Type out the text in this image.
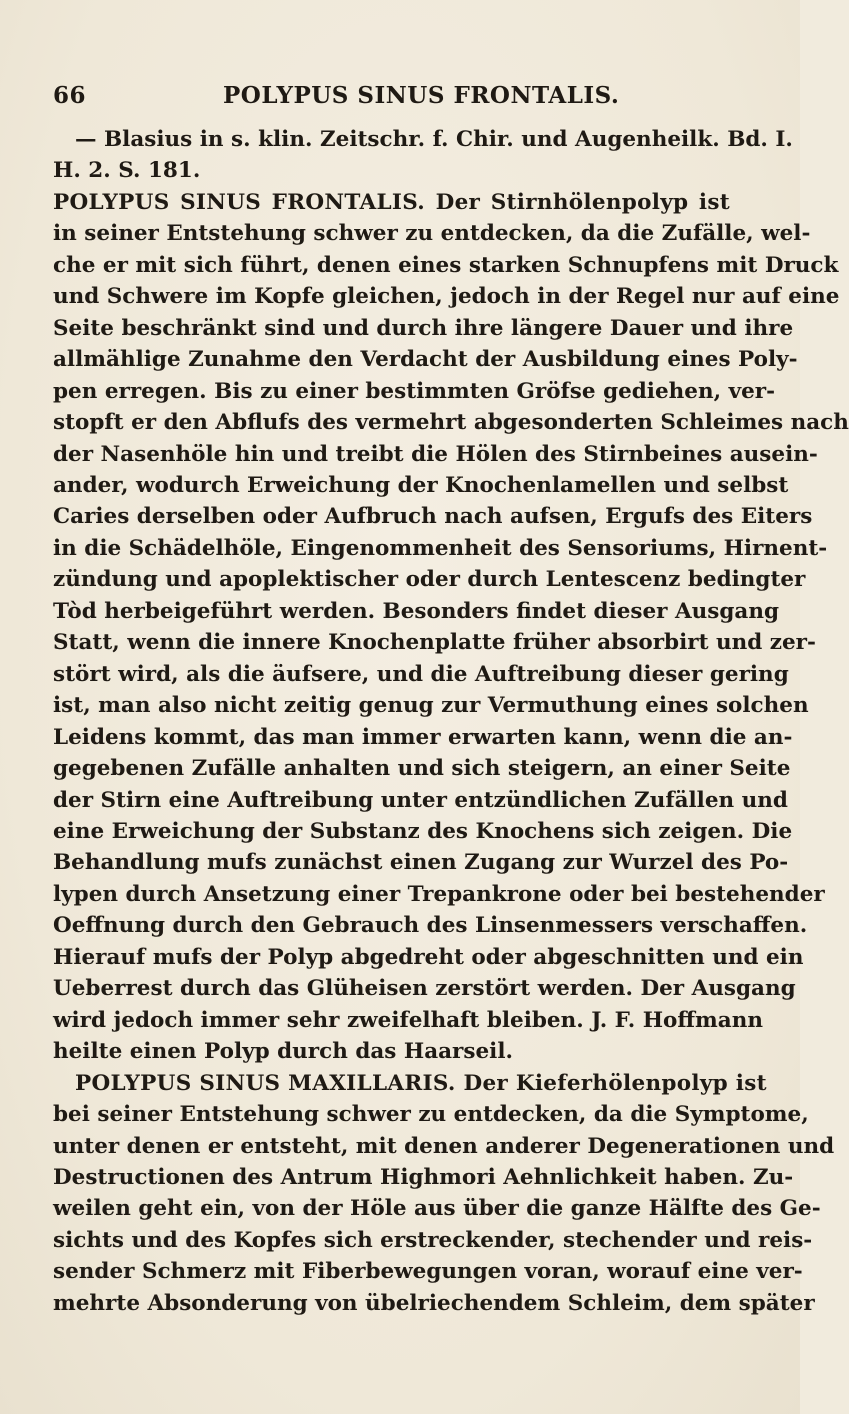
66	POLYPUS SINUS FRONTALIS.
— Blasius in s. klin. Zeitschr. f. Chir. und Augenheilk. Bd. I.
H. 2. S. 181.
POLYPUS SINUS FRONTALIS. Der Stirnhölenpolyp ist
in seiner Entstehung schwer zu entdecken, da die Zufälle, wel-
che er mit sich führt, denen eines starken Schnupfens mit Druck
und Schwere im Kopfe gleichen, jedoch in der Regel nur auf eine
Seite beschränkt sind und durch ihre längere Dauer und ihre
allmählige Zunahme den Verdacht der Ausbildung eines Poly-
pen erregen. Bis zu einer bestimmten Gröfse gediehen, ver-
stopft er den Abflufs des vermehrt abgesonderten Schleimes nach
der Nasenhöle hin und treibt die Hölen des Stirnbeines ausein-
ander, wodurch Erweichung der Knochenlamellen und selbst
Caries derselben oder Aufbruch nach aufsen, Ergufs des Eiters
in die Schädelhöle, Eingenommenheit des Sensoriums, Hirnent-
zündung und apoplektischer oder durch Lentescenz bedingter
Tòd herbeigeführt werden. Besonders findet dieser Ausgang
Statt, wenn die innere Knochenplatte früher absorbirt und zer-
stört wird, als die äufsere, und die Auftreibung dieser gering
ist, man also nicht zeitig genug zur Vermuthung eines solchen
Leidens kommt, das man immer erwarten kann, wenn die an-
gegebenen Zufälle anhalten und sich steigern, an einer Seite
der Stirn eine Auftreibung unter entzündlichen Zufällen und
eine Erweichung der Substanz des Knochens sich zeigen. Die
Behandlung mufs zunächst einen Zugang zur Wurzel des Po-
lypen durch Ansetzung einer Trepankrone oder bei bestehender
Oeffnung durch den Gebrauch des Linsenmessers verschaffen.
Hierauf mufs der Polyp abgedreht oder abgeschnitten und ein
Ueberrest durch das Glüheisen zerstört werden. Der Ausgang
wird jedoch immer sehr zweifelhaft bleiben. J. F. Hoffmann
heilte einen Polyp durch das Haarseil.
POLYPUS SINUS MAXILLARIS. Der Kieferhölenpolyp ist
bei seiner Entstehung schwer zu entdecken, da die Symptome,
unter denen er entsteht, mit denen anderer Degenerationen und
Destructionen des Antrum Highmori Aehnlichkeit haben. Zu-
weilen geht ein, von der Höle aus über die ganze Hälfte des Ge-
sichts und des Kopfes sich erstreckender, stechender und reis-
sender Schmerz mit Fiberbewegungen voran, worauf eine ver-
mehrte Absonderung von übelriechendem Schleim, dem später
